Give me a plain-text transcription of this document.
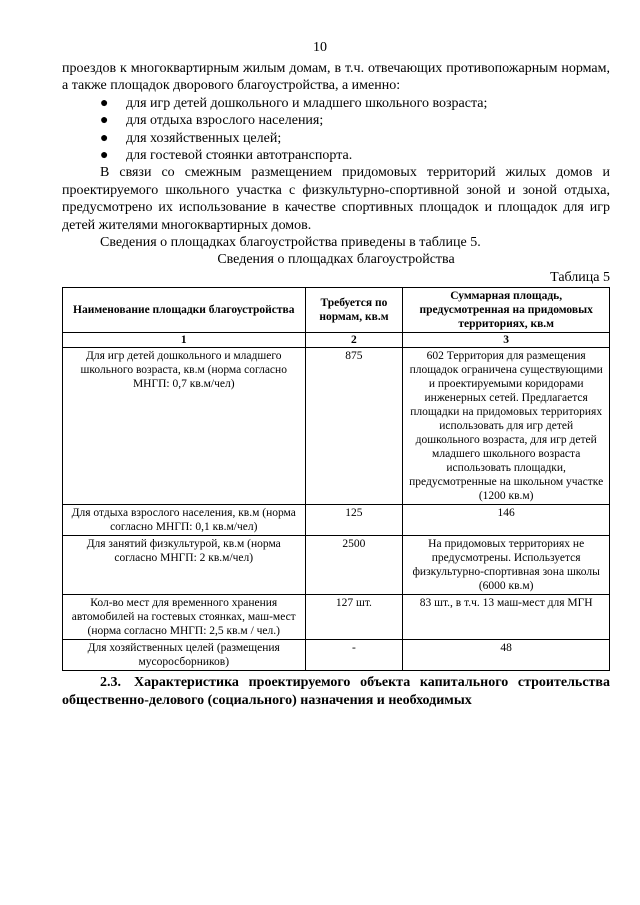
10

проездов к многоквартирным жилым домам, в т.ч. отвечающих противопожарным нормам, а также площадок дворового благоустройства, а именно:

● для игр детей дошкольного и младшего школьного возраста;
● для отдыха взрослого населения;
● для хозяйственных целей;
● для гостевой стоянки автотранспорта.

В связи со смежным размещением придомовых территорий жилых домов и проектируемого школьного участка с физкультурно-спортивной зоной и зоной отдыха, предусмотрено их использование в качестве спортивных площадок и площадок для игр детей жителями многоквартирных домов.

Сведения о площадках благоустройства приведены в таблице 5.

Сведения о площадках благоустройства

Таблица 5

Наименование площадки благоустройства	Требуется по нормам, кв.м	Суммарная площадь, предусмотренная на придомовых территориях, кв.м
1	2	3
Для игр детей дошкольного и младшего школьного возраста, кв.м (норма согласно МНГП: 0,7 кв.м/чел)	875	602 Территория для размещения площадок ограничена существующими и проектируемыми коридорами инженерных сетей. Предлагается площадки на придомовых территориях использовать для игр детей дошкольного возраста, для игр детей младшего школьного возраста использовать площадки, предусмотренные на школьном участке (1200 кв.м)
Для отдыха взрослого населения, кв.м (норма согласно МНГП: 0,1 кв.м/чел)	125	146
Для занятий физкультурой, кв.м (норма согласно МНГП: 2 кв.м/чел)	2500	На придомовых территориях не предусмотрены. Используется физкультурно-спортивная зона школы (6000 кв.м)
Кол-во мест для временного хранения автомобилей на гостевых стоянках, маш-мест (норма согласно МНГП: 2,5 кв.м / чел.)	127 шт.	83 шт., в т.ч. 13 маш-мест для МГН
Для хозяйственных целей (размещения мусоросборников)	-	48

2.3. Характеристика проектируемого объекта капитального строительства общественно-делового (социального) назначения и необходимых
